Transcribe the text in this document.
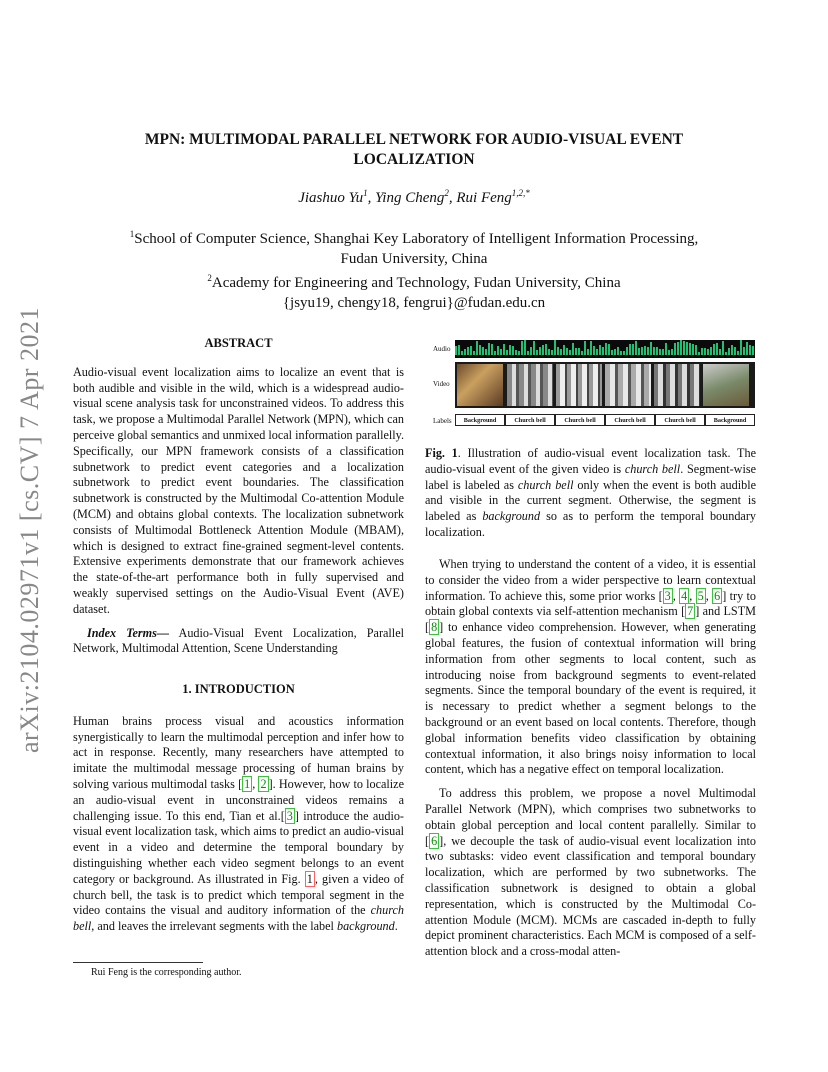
arXiv:2104.02971v1 [cs.CV] 7 Apr 2021
MPN: MULTIMODAL PARALLEL NETWORK FOR AUDIO-VISUAL EVENT
LOCALIZATION
Jiashuo Yu$^1$, Ying Cheng$^2$, Rui Feng$^{1,2,*}$
$^1$School of Computer Science, Shanghai Key Laboratory of Intelligent Information Processing,
Fudan University, China
$^2$Academy for Engineering and Technology, Fudan University, China
{jsyu19, chengy18, fengrui}@fudan.edu.cn
ABSTRACT

Audio-visual event localization aims to localize an event that is both audible and visible in the wild, which is a widespread audio-visual scene analysis task for unconstrained videos. To address this task, we propose a Multimodal Parallel Network (MPN), which can perceive global semantics and unmixed local information parallelly. Specifically, our MPN framework consists of a classification subnetwork to predict event categories and a localization subnetwork to predict event boundaries. The classification subnetwork is constructed by the Multimodal Co-attention Module (MCM) and obtains global contexts. The localization subnetwork consists of Multimodal Bottleneck Attention Module (MBAM), which is designed to extract fine-grained segment-level contents. Extensive experiments demonstrate that our framework achieves the state-of-the-art performance both in fully supervised and weakly supervised settings on the Audio-Visual Event (AVE) dataset.

Index Terms— Audio-Visual Event Localization, Parallel Network, Multimodal Attention, Scene Understanding

1. INTRODUCTION

Human brains process visual and acoustics information synergistically to learn the multimodal perception and infer how to act in response. Recently, many researchers have attempted to imitate the multimodal message processing of human brains by solving various multimodal tasks [ 1 , 2 ]. However, how to localize an audio-visual event in unconstrained videos remains a challenging issue. To this end, Tian et al.[ 3 ] introduce the audio-visual event localization task, which aims to predict an audio-visual event in a video and determine the temporal boundary by distinguishing whether each video segment belongs to an event category or background. As illustrated in Fig. 1 , given a video of church bell, the task is to predict which temporal segment in the video contains the visual and auditory information of the church bell, and leaves the irrelevant segments with the label background.

Rui Feng is the corresponding author.
Audio
Video
Labels	Background	Church bell	Church bell	Church bell	Church bell	Background

Fig. 1. Illustration of audio-visual event localization task. The audio-visual event of the given video is church bell. Segment-wise label is labeled as church bell only when the event is both audible and visible in the current segment. Otherwise, the segment is labeled as background so as to perform the temporal boundary localization.

When trying to understand the content of a video, it is essential to consider the video from a wider perspective to learn contextual information. To achieve this, some prior works [ 3 , 4 , 5 , 6 ] try to obtain global contexts via self-attention mechanism [ 7 ] and LSTM [ 8 ] to enhance video comprehension. However, when generating global features, the fusion of contextual information will bring information from other segments to local content, such as introducing noise from background segments to event-related segments. Since the temporal boundary of the event is required, it is necessary to predict whether a segment belongs to the background or an event based on local contents. Therefore, though global information benefits video classification by obtaining contextual information, it also brings noisy information to local content, which has a negative effect on temporal localization.

To address this problem, we propose a novel Multimodal Parallel Network (MPN), which comprises two subnetworks to obtain global perception and local content parallelly. Similar to [ 6 ], we decouple the task of audio-visual event localization into two subtasks: video event classification and temporal boundary localization, which are performed by two subnetworks. The classification subnetwork is designed to obtain a global representation, which is constructed by the Multimodal Co-attention Module (MCM). MCMs are cascaded in-depth to fully depict prominent characteristics. Each MCM is composed of a self-attention block and a cross-modal atten-
